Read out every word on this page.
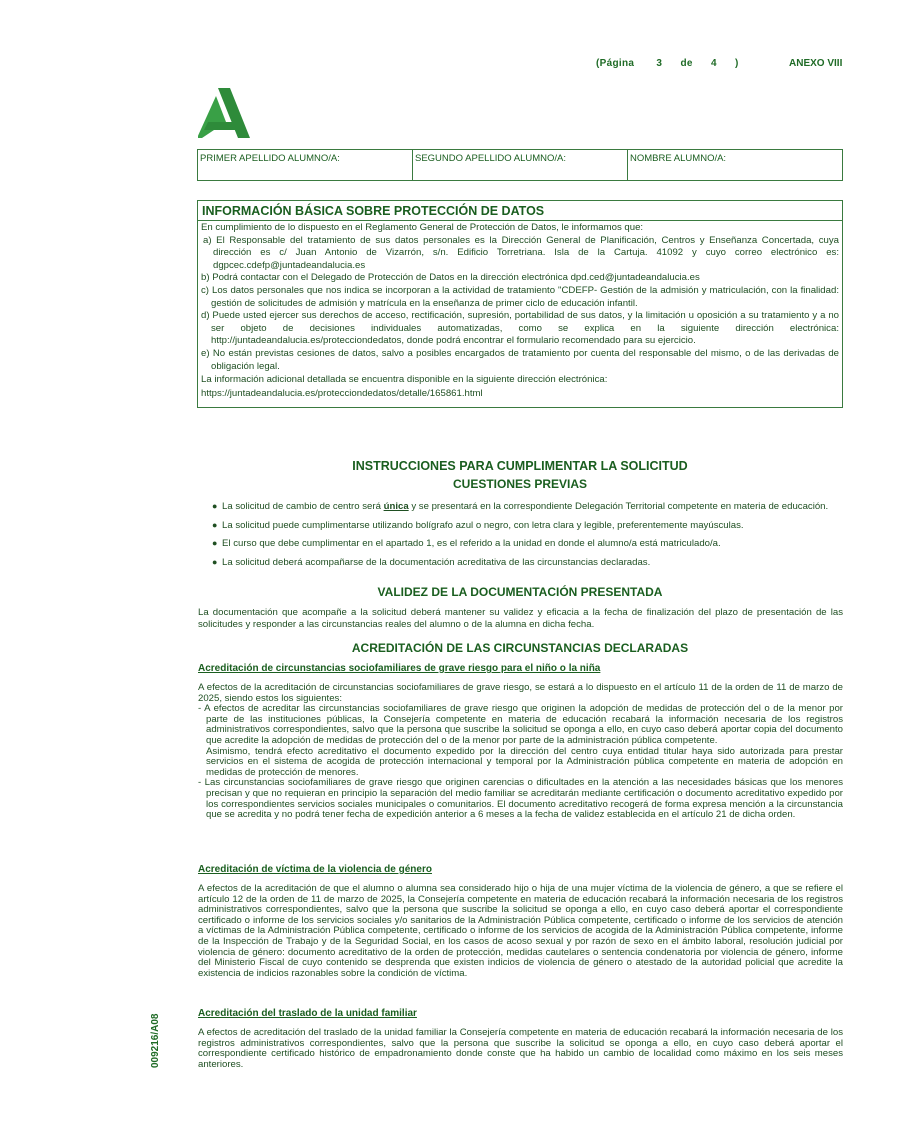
(Página 3 de 4 )	ANEXO VIII
009216/A08
PRIMER APELLIDO ALUMNO/A:	SEGUNDO APELLIDO ALUMNO/A:	NOMBRE ALUMNO/A:
INFORMACIÓN BÁSICA SOBRE PROTECCIÓN DE DATOS
En cumplimiento de lo dispuesto en el Reglamento General de Protección de Datos, le informamos que:
a) El Responsable del tratamiento de sus datos personales es la Dirección General de Planificación, Centros y Enseñanza Concertada, cuya dirección es c/ Juan Antonio de Vizarrón, s/n. Edificio Torretriana. Isla de la Cartuja. 41092 y cuyo correo electrónico es: dgpcec.cdefp@juntadeandalucia.es
b) Podrá contactar con el Delegado de Protección de Datos en la dirección electrónica dpd.ced@juntadeandalucia.es
c) Los datos personales que nos indica se incorporan a la actividad de tratamiento "CDEFP- Gestión de la admisión y matriculación, con la finalidad: gestión de solicitudes de admisión y matrícula en la enseñanza de primer ciclo de educación infantil.
d) Puede usted ejercer sus derechos de acceso, rectificación, supresión, portabilidad de sus datos, y la limitación u oposición a su tratamiento y a no ser objeto de decisiones individuales automatizadas, como se explica en la siguiente dirección electrónica: http://juntadeandalucia.es/protecciondedatos, donde podrá encontrar el formulario recomendado para su ejercicio.
e) No están previstas cesiones de datos, salvo a posibles encargados de tratamiento por cuenta del responsable del mismo, o de las derivadas de obligación legal.
La información adicional detallada se encuentra disponible en la siguiente dirección electrónica:
https://juntadeandalucia.es/protecciondedatos/detalle/165861.html
INSTRUCCIONES PARA CUMPLIMENTAR LA SOLICITUD
CUESTIONES PREVIAS
● La solicitud de cambio de centro será única y se presentará en la correspondiente Delegación Territorial competente en materia de educación.
● La solicitud puede cumplimentarse utilizando bolígrafo azul o negro, con letra clara y legible, preferentemente mayúsculas.
● El curso que debe cumplimentar en el apartado 1, es el referido a la unidad en donde el alumno/a está matriculado/a.
● La solicitud deberá acompañarse de la documentación acreditativa de las circunstancias declaradas.
VALIDEZ DE LA DOCUMENTACIÓN PRESENTADA
La documentación que acompañe a la solicitud deberá mantener su validez y eficacia a la fecha de finalización del plazo de presentación de las solicitudes y responder a las circunstancias reales del alumno o de la alumna en dicha fecha.
ACREDITACIÓN DE LAS CIRCUNSTANCIAS DECLARADAS
Acreditación de circunstancias sociofamiliares de grave riesgo para el niño o la niña
A efectos de la acreditación de circunstancias sociofamiliares de grave riesgo, se estará a lo dispuesto en el artículo 11 de la orden de 11 de marzo de 2025, siendo estos los siguientes:
- A efectos de acreditar las circunstancias sociofamiliares de grave riesgo que originen la adopción de medidas de protección del o de la menor por parte de las instituciones públicas, la Consejería competente en materia de educación recabará la información necesaria de los registros administrativos correspondientes, salvo que la persona que suscribe la solicitud se oponga a ello, en cuyo caso deberá aportar copia del documento que acredite la adopción de medidas de protección del o de la menor por parte de la administración pública competente.
Asimismo, tendrá efecto acreditativo el documento expedido por la dirección del centro cuya entidad titular haya sido autorizada para prestar servicios en el sistema de acogida de protección internacional y temporal por la Administración pública competente en materia de adopción en medidas de protección de menores.
- Las circunstancias sociofamiliares de grave riesgo que originen carencias o dificultades en la atención a las necesidades básicas que los menores precisan y que no requieran en principio la separación del medio familiar se acreditarán mediante certificación o documento acreditativo expedido por los correspondientes servicios sociales municipales o comunitarios. El documento acreditativo recogerá de forma expresa mención a la circunstancia que se acredita y no podrá tener fecha de expedición anterior a 6 meses a la fecha de validez establecida en el artículo 21 de dicha orden.
Acreditación de víctima de la violencia de género
A efectos de la acreditación de que el alumno o alumna sea considerado hijo o hija de una mujer víctima de la violencia de género, a que se refiere el artículo 12 de la orden de 11 de marzo de 2025, la Consejería competente en materia de educación recabará la información necesaria de los registros administrativos correspondientes, salvo que la persona que suscribe la solicitud se oponga a ello, en cuyo caso deberá aportar el correspondiente certificado o informe de los servicios sociales y/o sanitarios de la Administración Pública competente, certificado o informe de los servicios de atención a víctimas de la Administración Pública competente, certificado o informe de los servicios de acogida de la Administración Pública competente, informe de la Inspección de Trabajo y de la Seguridad Social, en los casos de acoso sexual y por razón de sexo en el ámbito laboral, resolución judicial por violencia de género: documento acreditativo de la orden de protección, medidas cautelares o sentencia condenatoria por violencia de género, informe del Ministerio Fiscal de cuyo contenido se desprenda que existen indicios de violencia de género o atestado de la autoridad policial que acredite la existencia de indicios razonables sobre la condición de víctima.
Acreditación del traslado de la unidad familiar
A efectos de acreditación del traslado de la unidad familiar la Consejería competente en materia de educación recabará la información necesaria de los registros administrativos correspondientes, salvo que la persona que suscribe la solicitud se oponga a ello, en cuyo caso deberá aportar el correspondiente certificado histórico de empadronamiento donde conste que ha habido un cambio de localidad como máximo en los seis meses anteriores.
